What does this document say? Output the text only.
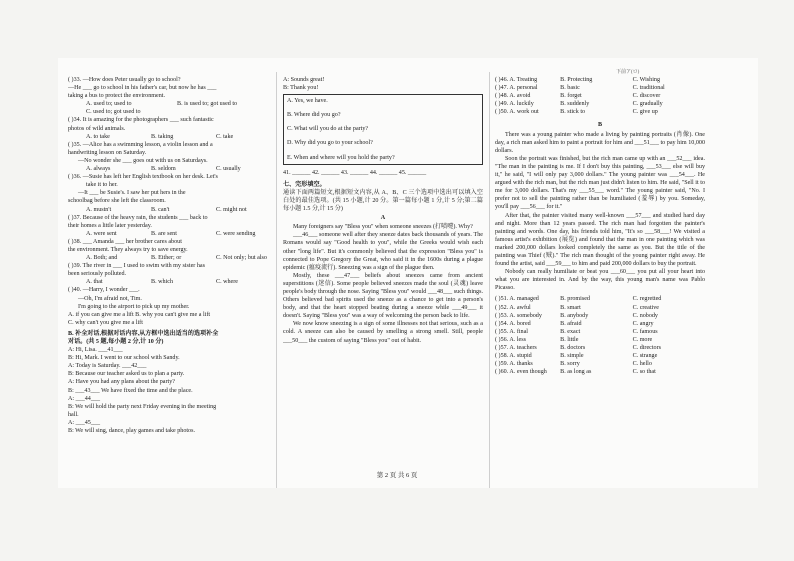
下前ア(ロ)
( )33. —How does Peter usually go to school?
—He ___ go to school in his father's car, but now he has ___
taking a bus to protect the environment.
A. used to; used to	B. is used to; got used to
C. used to; got used to
( )34. It is amazing for the photographers ___ such fantastic
photos of wild animals.
A. to take	B. taking	C. take
( )35. —Alice has a swimming lesson, a violin lesson and a
handwriting lesson on Saturday.
—No wonder she ___ goes out with us on Saturdays.
A. always	B. seldom	C. usually
( )36. —Susie has left her English textbook on her desk. Let's
take it to her.
—It ___ be Susie's. I saw her put hers in the
schoolbag before she left the classroom.
A. mustn't	B. can't	C. might not
( )37. Because of the heavy rain, the students ___ back to
their homes a little later yesterday.
A. were sent	B. are sent	C. were sending
( )38. ___ Amanda ___ her brother cares about
the environment. They always try to save energy.
A. Both; and	B. Either; or	C. Not only; but also
( )39. The river in ___ I used to swim with my sister has
been seriously polluted.
A. that	B. which	C. where
( )40. —Harry, I wonder ___.
—Oh, I'm afraid not, Tim.
I'm going to the airport to pick up my mother.
A. if you can give me a lift B. why you can't give me a lift
C. why can't you give me a lift
B. 补全对话,根据对话内容,从方框中选出适当的选项补全
对话。(共 5 题,每小题 2 分,计 10 分)
A: Hi, Lisa. ___41___
B: Hi, Mark. I went to our school with Sandy.
A: Today is Saturday. ___42___
B: Because our teacher asked us to plan a party.
A: Have you had any plans about the party?
B: ___43___ We have fixed the time and the place.
A: ___44___
B: We will hold the party next Friday evening in the meeting
hall.
A: ___45___
B: We will sing, dance, play games and take photos.
A: Sounds great!
B: Thank you!
A. Yes, we have.
B. Where did you go?
C. What will you do at the party?
D. Why did you go to your school?
E. When and where will you hold the party?
41. ______ 42. ______ 43. ______ 44. ______ 45. ______
七、完形填空。
通读下面两篇短文,根据短文内容,从 A、B、C 三个选项中选出可以填入空白处的最佳选项。(共 15 小题,计 20 分。第一篇每小题 1 分,计 5 分;第二篇每小题 1.5 分,计 15 分)
A

Many foreigners say "Bless you" when someone sneezes (打喷嚏). Why?

___46___ someone well after they sneeze dates back thousands of years. The Romans would say "Good health to you", while the Greeks would wish each other "long life". But it's commonly believed that the expression "Bless you" is connected to Pope Gregory the Great, who said it in the 1600s during a plague epidemic (瘟疫流行). Sneezing was a sign of the plague then.

Mostly, these ___47___ beliefs about sneezes came from ancient superstitions (迷信). Some people believed sneezes made the soul (灵魂) leave people's body through the nose. Saying "Bless you" would ___48___ such things. Others believed bad spirits used the sneeze as a chance to get into a person's body, and that the heart stopped beating during a sneeze while ___49___ it doesn't. Saying "Bless you" was a way of welcoming the person back to life.

We now know sneezing is a sign of some illnesses not that serious, such as a cold. A sneeze can also be caused by smelling a strong smell. Still, people ___50___ the custom of saying "Bless you" out of habit.

( )46. A. Treating	B. Protecting	C. Wishing
( )47. A. personal	B. basic	C. traditional
( )48. A. avoid	B. forget	C. discover
( )49. A. luckily	B. suddenly	C. gradually
( )50. A. work out	B. stick to	C. give up
B

There was a young painter who made a living by painting portraits (肖像). One day, a rich man asked him to paint a portrait for him and ___51___ to pay him 10,000 dollars.

Soon the portrait was finished, but the rich man came up with an ___52___ idea. "The man in the painting is me. If I don't buy this painting, ___53___ else will buy it," he said, "I will only pay 3,000 dollars." The young painter was ___54___. He argued with the rich man, but the rich man just didn't listen to him. He said, "Sell it to me for 3,000 dollars. That's my ___55___ word." The young painter said, "No. I prefer not to sell the painting rather than be humiliated (羞辱) by you. Someday, you'll pay ___56___ for it."

After that, the painter visited many well-known ___57___ and studied hard day and night. More than 12 years passed. The rich man had forgotten the painter's painting and words. One day, his friends told him, "It's so ___58___! We visited a famous artist's exhibition (展览) and found that the man in one painting which was marked 200,000 dollars looked completely the same as you. But the title of the painting was Thief (贼)." The rich man thought of the young painter right away. He found the artist, said ___59___ to him and paid 200,000 dollars to buy the portrait.

Nobody can really humiliate or beat you ___60___ you put all your heart into what you are interested in. And by the way, this young man's name was Pablo Picasso.

( )51. A. managed	B. promised	C. regretted
( )52. A. awful	B. smart	C. creative
( )53. A. somebody	B. anybody	C. nobody
( )54. A. bored	B. afraid	C. angry
( )55. A. final	B. exact	C. famous
( )56. A. less	B. little	C. more
( )57. A. teachers	B. doctors	C. directors
( )58. A. stupid	B. simple	C. strange
( )59. A. thanks	B. sorry	C. hello
( )60. A. even though	B. as long as	C. so that
第 2 页 共 6 页
